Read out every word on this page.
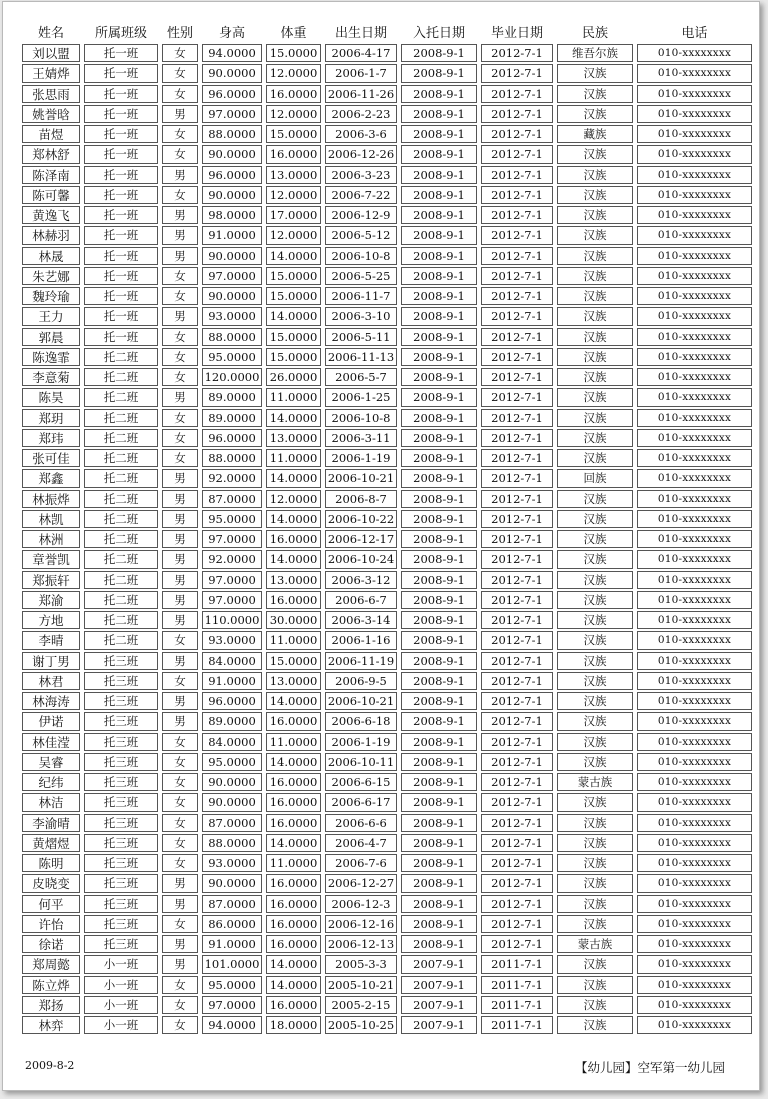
姓名	所属班级	性别	身高	体重	出生日期	入托日期	毕业日期	民族	电话
刘以盟	托一班	女	94.0000	15.0000	2006-4-17	2008-9-1	2012-7-1	维吾尔族	010-xxxxxxxx
王婧烨	托一班	女	90.0000	12.0000	2006-1-7	2008-9-1	2012-7-1	汉族	010-xxxxxxxx
张思雨	托一班	女	96.0000	16.0000 2006-11-26	2008-9-1	2012-7-1	汉族	010-xxxxxxxx
姚誉晗	托一班	男	97.0000	12.0000	2006-2-23	2008-9-1	2012-7-1	汉族	010-xxxxxxxx
苗煜	托一班	女	88.0000	15.0000	2006-3-6	2008-9-1	2012-7-1	藏族	010-xxxxxxxx
郑林舒	托一班	女	90.0000	16.0000 2006-12-26	2008-9-1	2012-7-1	汉族	010-xxxxxxxx
陈泽南	托一班	男	96.0000	13.0000	2006-3-23	2008-9-1	2012-7-1	汉族	010-xxxxxxxx
陈可馨	托一班	女	90.0000	12.0000	2006-7-22	2008-9-1	2012-7-1	汉族	010-xxxxxxxx
黄逸飞	托一班	男	98.0000	17.0000	2006-12-9	2008-9-1	2012-7-1	汉族	010-xxxxxxxx
林赫羽	托一班	男	91.0000	12.0000	2006-5-12	2008-9-1	2012-7-1	汉族	010-xxxxxxxx
林晟	托一班	男	90.0000	14.0000	2006-10-8	2008-9-1	2012-7-1	汉族	010-xxxxxxxx
朱艺娜	托一班	女	97.0000	15.0000	2006-5-25	2008-9-1	2012-7-1	汉族	010-xxxxxxxx
魏玲瑜	托一班	女	90.0000	15.0000	2006-11-7	2008-9-1	2012-7-1	汉族	010-xxxxxxxx
王力	托一班	男	93.0000	14.0000	2006-3-10	2008-9-1	2012-7-1	汉族	010-xxxxxxxx
郭晨	托一班	女	88.0000	15.0000	2006-5-11	2008-9-1	2012-7-1	汉族	010-xxxxxxxx
陈逸霏	托二班	女	95.0000	15.0000 2006-11-13	2008-9-1	2012-7-1	汉族	010-xxxxxxxx
李意菊	托二班	女	120.0000 26.0000	2006-5-7	2008-9-1	2012-7-1	汉族	010-xxxxxxxx
陈昊	托二班	男	89.0000	11.0000	2006-1-25	2008-9-1	2012-7-1	汉族	010-xxxxxxxx
郑玥	托二班	女	89.0000	14.0000	2006-10-8	2008-9-1	2012-7-1	汉族	010-xxxxxxxx
郑玮	托二班	女	96.0000	13.0000	2006-3-11	2008-9-1	2012-7-1	汉族	010-xxxxxxxx
张可佳	托二班	女	88.0000	11.0000	2006-1-19	2008-9-1	2012-7-1	汉族	010-xxxxxxxx
郑鑫	托二班	男	92.0000	14.0000 2006-10-21	2008-9-1	2012-7-1	回族	010-xxxxxxxx
林振烨	托二班	男	87.0000	12.0000	2006-8-7	2008-9-1	2012-7-1	汉族	010-xxxxxxxx
林凯	托二班	男	95.0000	14.0000 2006-10-22	2008-9-1	2012-7-1	汉族	010-xxxxxxxx
林洲	托二班	男	97.0000	16.0000 2006-12-17	2008-9-1	2012-7-1	汉族	010-xxxxxxxx
章誉凯	托二班	男	92.0000	14.0000 2006-10-24	2008-9-1	2012-7-1	汉族	010-xxxxxxxx
郑振轩	托二班	男	97.0000	13.0000	2006-3-12	2008-9-1	2012-7-1	汉族	010-xxxxxxxx
郑渝	托二班	男	97.0000	16.0000	2006-6-7	2008-9-1	2012-7-1	汉族	010-xxxxxxxx
方地	托二班	男	110.0000 30.0000	2006-3-14	2008-9-1	2012-7-1	汉族	010-xxxxxxxx
李晴	托二班	女	93.0000	11.0000	2006-1-16	2008-9-1	2012-7-1	汉族	010-xxxxxxxx
谢丁男	托三班	男	84.0000	15.0000 2006-11-19	2008-9-1	2012-7-1	汉族	010-xxxxxxxx
林君	托三班	女	91.0000	13.0000	2006-9-5	2008-9-1	2012-7-1	汉族	010-xxxxxxxx
林海涛	托三班	男	96.0000	14.0000 2006-10-21	2008-9-1	2012-7-1	汉族	010-xxxxxxxx
伊诺	托三班	男	89.0000	16.0000	2006-6-18	2008-9-1	2012-7-1	汉族	010-xxxxxxxx
林佳滢	托三班	女	84.0000	11.0000	2006-1-19	2008-9-1	2012-7-1	汉族	010-xxxxxxxx
吴睿	托三班	女	95.0000	14.0000 2006-10-11	2008-9-1	2012-7-1	汉族	010-xxxxxxxx
纪纬	托三班	女	90.0000	16.0000	2006-6-15	2008-9-1	2012-7-1	蒙古族	010-xxxxxxxx
林洁	托三班	女	90.0000	16.0000	2006-6-17	2008-9-1	2012-7-1	汉族	010-xxxxxxxx
李渝晴	托三班	女	87.0000	16.0000	2006-6-6	2008-9-1	2012-7-1	汉族	010-xxxxxxxx
黄熠煜	托三班	女	88.0000	14.0000	2006-4-7	2008-9-1	2012-7-1	汉族	010-xxxxxxxx
陈明	托三班	女	93.0000	11.0000	2006-7-6	2008-9-1	2012-7-1	汉族	010-xxxxxxxx
皮晓变	托三班	男	90.0000	16.0000 2006-12-27	2008-9-1	2012-7-1	汉族	010-xxxxxxxx
何平	托三班	男	87.0000	16.0000	2006-12-3	2008-9-1	2012-7-1	汉族	010-xxxxxxxx
许怡	托三班	女	86.0000	16.0000 2006-12-16	2008-9-1	2012-7-1	汉族	010-xxxxxxxx
徐诺	托三班	男	91.0000	16.0000 2006-12-13	2008-9-1	2012-7-1	蒙古族	010-xxxxxxxx
郑周懿	小一班	男	101.0000 14.0000	2005-3-3	2007-9-1	2011-7-1	汉族	010-xxxxxxxx
陈立烨	小一班	女	95.0000	14.0000 2005-10-21	2007-9-1	2011-7-1	汉族	010-xxxxxxxx
郑扬	小一班	女	97.0000	16.0000	2005-2-15	2007-9-1	2011-7-1	汉族	010-xxxxxxxx
林弈	小一班	女	94.0000	18.0000 2005-10-25	2007-9-1	2011-7-1	汉族	010-xxxxxxxx
2009-8-2	【幼儿园】空军第一幼儿园
